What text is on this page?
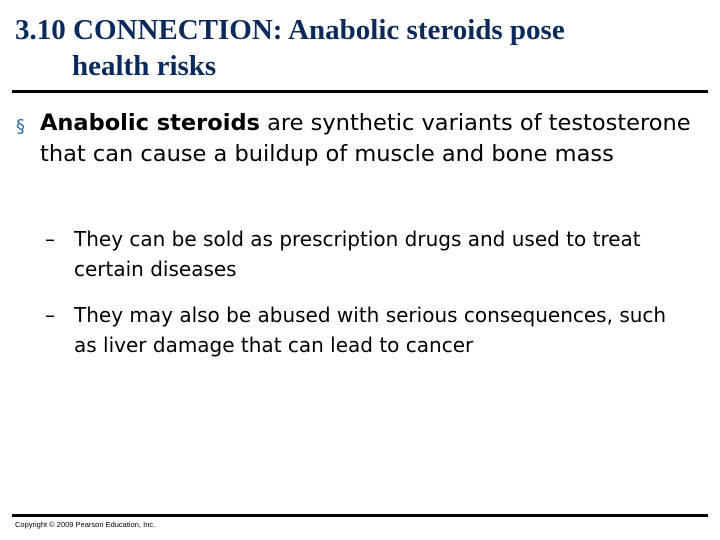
3.10 CONNECTION: Anabolic steroids pose
health risks
§ Anabolic steroids are synthetic variants of testosterone that can cause a buildup of muscle and bone mass
– They can be sold as prescription drugs and used to treat certain diseases
– They may also be abused with serious consequences, such as liver damage that can lead to cancer
Copyright © 2009 Pearson Education, Inc.
